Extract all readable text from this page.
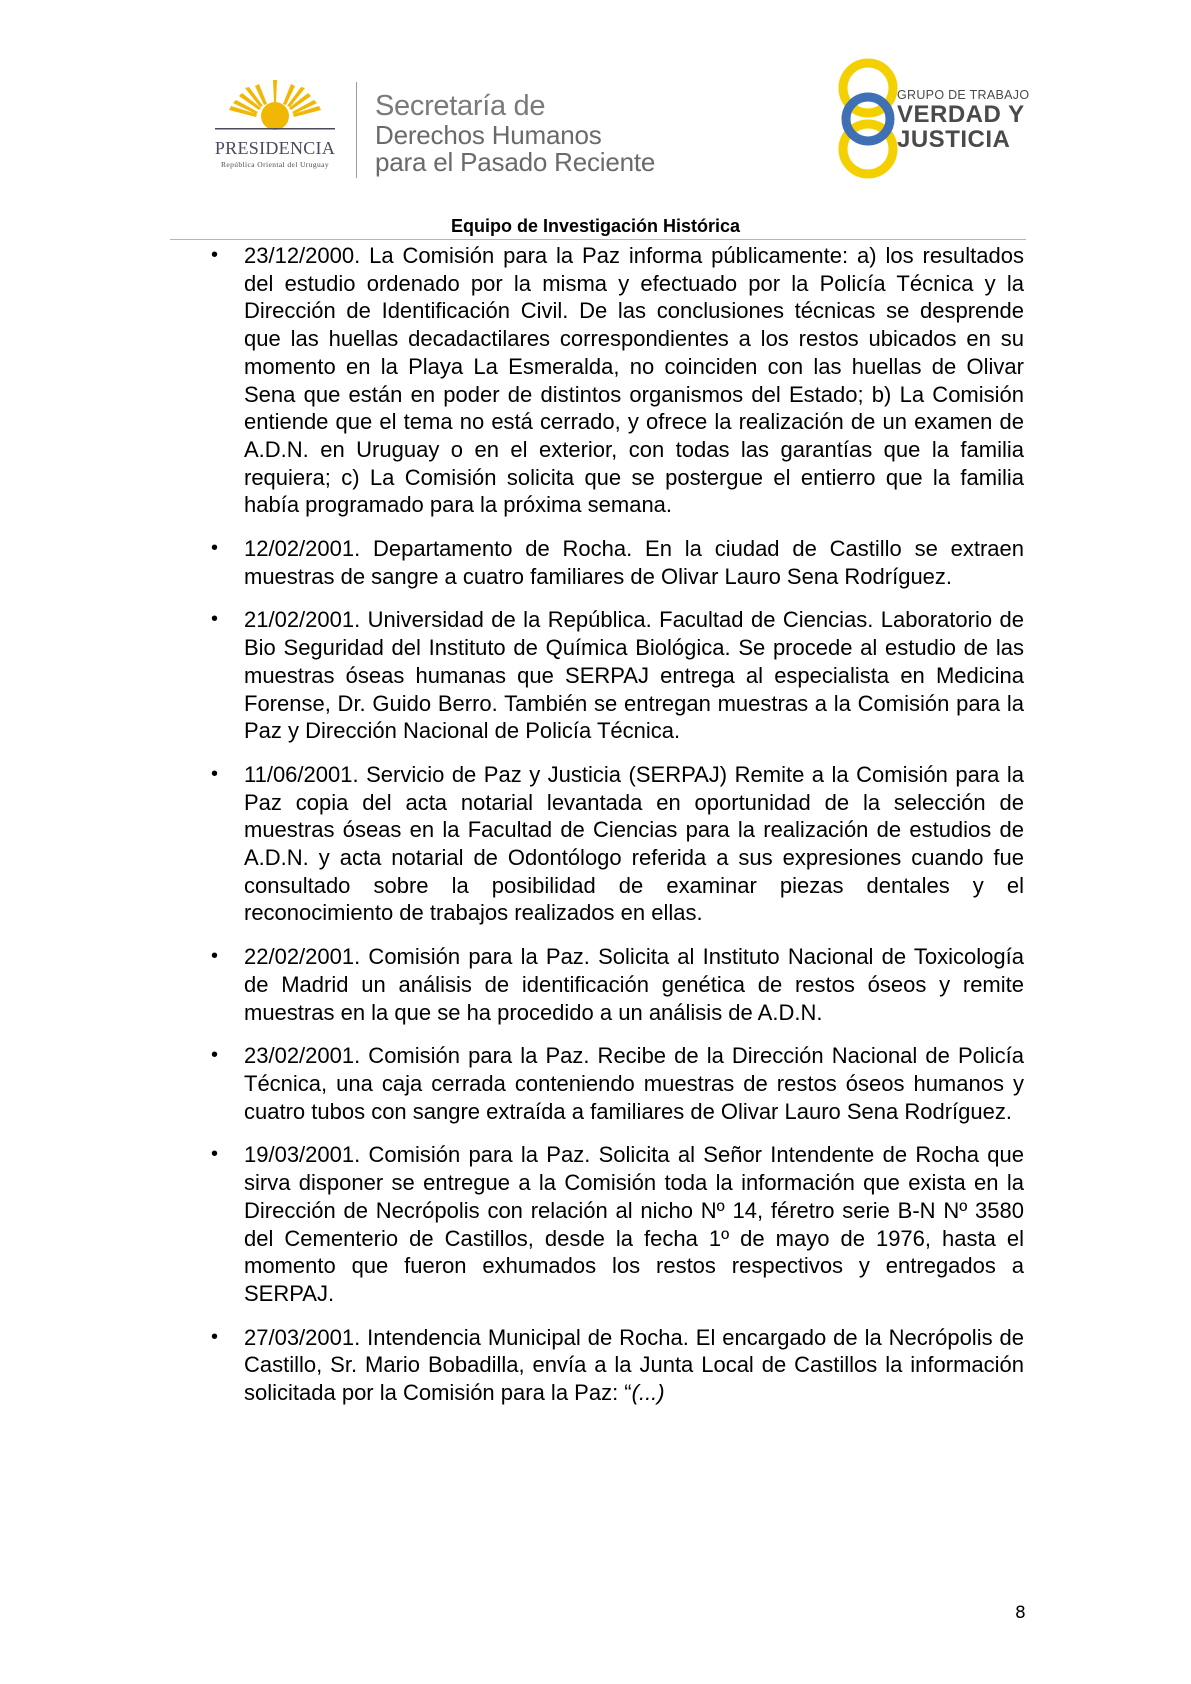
PRESIDENCIA
República Oriental del Uruguay
Secretaría de
Derechos Humanos
para el Pasado Reciente
GRUPO DE TRABAJO
VERDAD Y
JUSTICIA
Equipo de Investigación Histórica
• 23/12/2000. La Comisión para la Paz informa públicamente: a) los resultados del estudio ordenado por la misma y efectuado por la Policía Técnica y la Dirección de Identificación Civil. De las conclusiones técnicas se desprende que las huellas decadactilares correspondientes a los restos ubicados en su momento en la Playa La Esmeralda, no coinciden con las huellas de Olivar Sena que están en poder de distintos organismos del Estado; b) La Comisión entiende que el tema no está cerrado, y ofrece la realización de un examen de A.D.N. en Uruguay o en el exterior, con todas las garantías que la familia requiera; c) La Comisión solicita que se postergue el entierro que la familia había programado para la próxima semana.
• 12/02/2001. Departamento de Rocha. En la ciudad de Castillo se extraen muestras de sangre a cuatro familiares de Olivar Lauro Sena Rodríguez.
• 21/02/2001. Universidad de la República. Facultad de Ciencias. Laboratorio de Bio Seguridad del Instituto de Química Biológica. Se procede al estudio de las muestras óseas humanas que SERPAJ entrega al especialista en Medicina Forense, Dr. Guido Berro. También se entregan muestras a la Comisión para la Paz y Dirección Nacional de Policía Técnica.
• 11/06/2001. Servicio de Paz y Justicia (SERPAJ) Remite a la Comisión para la Paz copia del acta notarial levantada en oportunidad de la selección de muestras óseas en la Facultad de Ciencias para la realización de estudios de A.D.N. y acta notarial de Odontólogo referida a sus expresiones cuando fue consultado sobre la posibilidad de examinar piezas dentales y el reconocimiento de trabajos realizados en ellas.
• 22/02/2001. Comisión para la Paz. Solicita al Instituto Nacional de Toxicología de Madrid un análisis de identificación genética de restos óseos y remite muestras en la que se ha procedido a un análisis de A.D.N.
• 23/02/2001. Comisión para la Paz. Recibe de la Dirección Nacional de Policía Técnica, una caja cerrada conteniendo muestras de restos óseos humanos y cuatro tubos con sangre extraída a familiares de Olivar Lauro Sena Rodríguez.
• 19/03/2001. Comisión para la Paz. Solicita al Señor Intendente de Rocha que sirva disponer se entregue a la Comisión toda la información que exista en la Dirección de Necrópolis con relación al nicho Nº 14, féretro serie B-N Nº 3580 del Cementerio de Castillos, desde la fecha 1º de mayo de 1976, hasta el momento que fueron exhumados los restos respectivos y entregados a SERPAJ.
• 27/03/2001. Intendencia Municipal de Rocha. El encargado de la Necrópolis de Castillo, Sr. Mario Bobadilla, envía a la Junta Local de Castillos la información solicitada por la Comisión para la Paz: “(...)
8
